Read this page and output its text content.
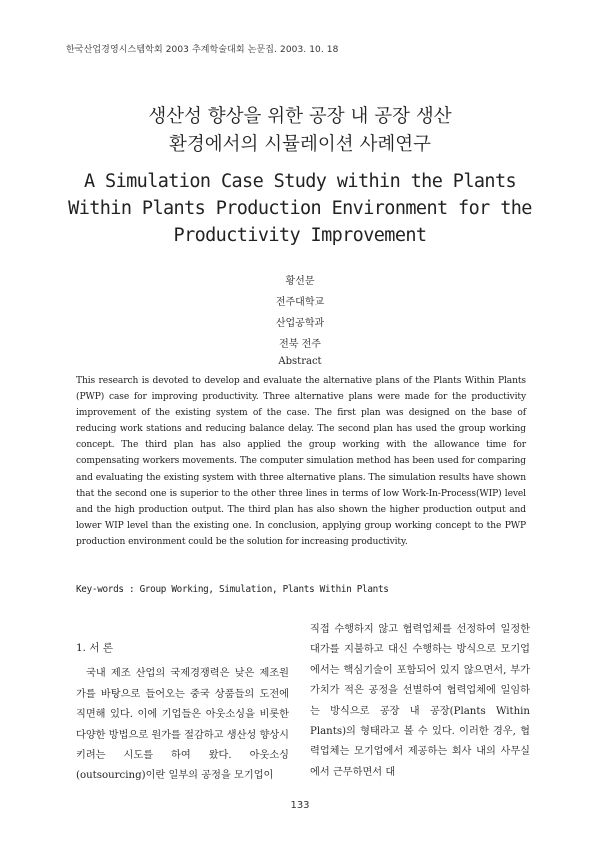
한국산업경영시스템학회 2003 추계학술대회 논문집. 2003. 10. 18
생산성 향상을 위한 공장 내 공장 생산
환경에서의 시뮬레이션 사례연구
A Simulation Case Study within the Plants
Within Plants Production Environment for the
Productivity Improvement
황선문
전주대학교
산업공학과
전북 전주
Abstract
This research is devoted to develop and evaluate the alternative plans of the Plants Within Plants (PWP) case for improving productivity. Three alternative plans were made for the productivity improvement of the existing system of the case. The first plan was designed on the base of reducing work stations and reducing balance delay. The second plan has used the group working concept. The third plan has also applied the group working with the allowance time for compensating workers movements. The computer simulation method has been used for comparing and evaluating the existing system with three alternative plans. The simulation results have shown that the second one is superior to the other three lines in terms of low Work-In-Process(WIP) level and the high production output. The third plan has also shown the higher production output and lower WIP level than the existing one. In conclusion, applying group working concept to the PWP production environment could be the solution for increasing productivity.
Key-words : Group Working, Simulation, Plants Within Plants

1. 서 론

국내 제조 산업의 국제경쟁력은 낮은 제조원가를 바탕으로 들어오는 중국 상품들의 도전에 직면해 있다. 이에 기업들은 아웃소싱을 비롯한 다양한 방법으로 원가를 절감하고 생산성 향상시키려는 시도를 하여 왔다. 아웃소싱(outsourcing)이란 일부의 공정을 모기업이

직접 수행하지 않고 협력업체를 선정하여 일정한 대가를 지불하고 대신 수행하는 방식으로 모기업에서는 핵심기술이 포함되어 있지 않으면서, 부가가치가 적은 공정을 선별하여 협력업체에 일임하는 방식으로 공장 내 공장(Plants Within Plants)의 형태라고 볼 수 있다. 이러한 경우, 협력업체는 모기업에서 제공하는 회사 내의 사무실에서 근무하면서 대

133
